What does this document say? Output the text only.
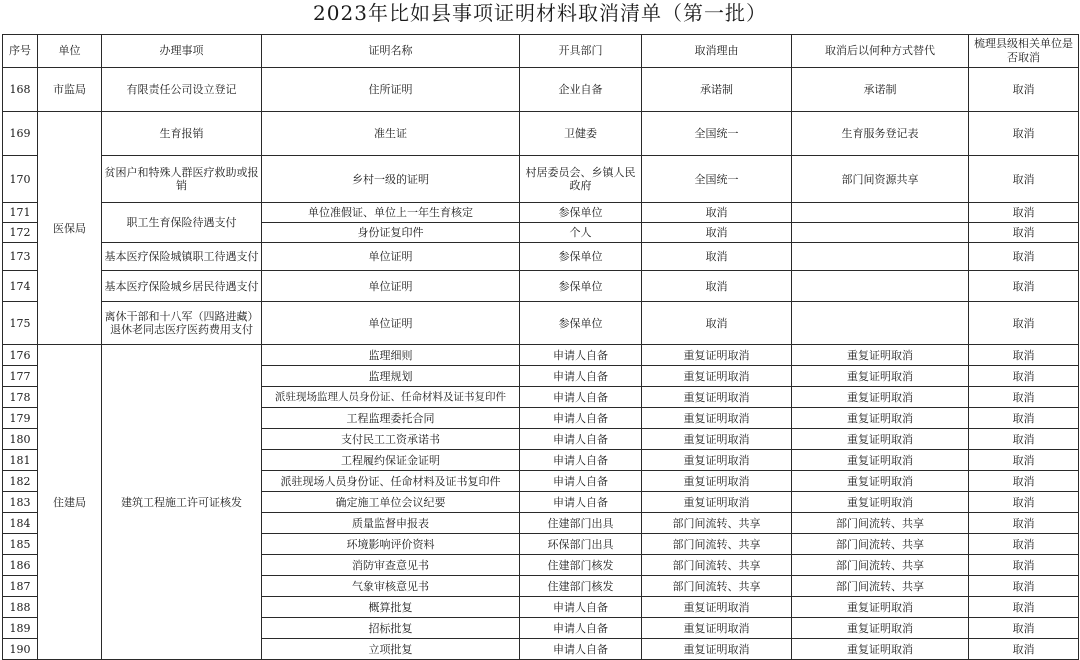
2023年比如县事项证明材料取消清单（第一批）
序号	单位	办理事项	证明名称	开具部门	取消理由	取消后以何种方式替代	梳理县级相关单位是否取消
168	市监局	有限责任公司设立登记	住所证明	企业自备	承诺制	承诺制	取消
169	医保局	生育报销	准生证	卫健委	全国统一	生育服务登记表	取消
170		贫困户和特殊人群医疗救助或报销	乡村一级的证明	村居委员会、乡镇人民政府	全国统一	部门间资源共享	取消
171		职工生育保险待遇支付	单位准假证、单位上一年生育核定	参保单位	取消		取消
172			身份证复印件	个人	取消		取消
173		基本医疗保险城镇职工待遇支付	单位证明	参保单位	取消		取消
174		基本医疗保险城乡居民待遇支付	单位证明	参保单位	取消		取消
175		离休干部和十八军（四路进藏）退休老同志医疗医药费用支付	单位证明	参保单位	取消		取消
176	住建局	建筑工程施工许可证核发	监理细则	申请人自备	重复证明取消	重复证明取消	取消
177			监理规划	申请人自备	重复证明取消	重复证明取消	取消
178			派驻现场监理人员身份证、任命材料及证书复印件	申请人自备	重复证明取消	重复证明取消	取消
179			工程监理委托合同	申请人自备	重复证明取消	重复证明取消	取消
180			支付民工工资承诺书	申请人自备	重复证明取消	重复证明取消	取消
181			工程履约保证金证明	申请人自备	重复证明取消	重复证明取消	取消
182			派驻现场人员身份证、任命材料及证书复印件	申请人自备	重复证明取消	重复证明取消	取消
183			确定施工单位会议纪要	申请人自备	重复证明取消	重复证明取消	取消
184			质量监督申报表	住建部门出具	部门间流转、共享	部门间流转、共享	取消
185			环境影响评价资料	环保部门出具	部门间流转、共享	部门间流转、共享	取消
186			消防审查意见书	住建部门核发	部门间流转、共享	部门间流转、共享	取消
187			气象审核意见书	住建部门核发	部门间流转、共享	部门间流转、共享	取消
188			概算批复	申请人自备	重复证明取消	重复证明取消	取消
189			招标批复	申请人自备	重复证明取消	重复证明取消	取消
190			立项批复	申请人自备	重复证明取消	重复证明取消	取消
